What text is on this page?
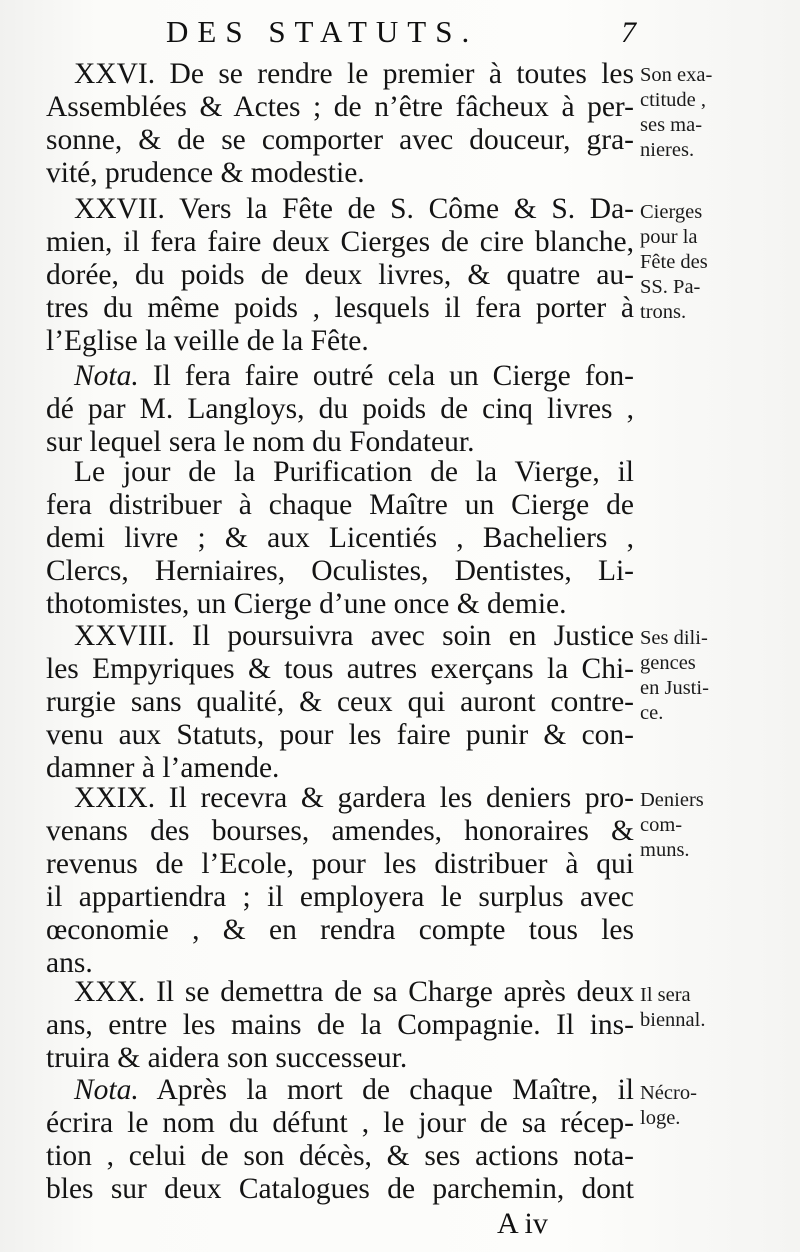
DES STATUTS.	7
XXVI. De se rendre le premier à toutes les
Assemblées & Actes ; de n’être fâcheux à per-
sonne, & de se comporter avec douceur, gra-
vité, prudence & modestie.
Son exa-
ctitude ,
ses ma-
nieres.
XXVII. Vers la Fête de S. Côme & S. Da-
mien, il fera faire deux Cierges de cire blanche,
dorée, du poids de deux livres, & quatre au-
tres du même poids , lesquels il fera porter à
l’Eglise la veille de la Fête.
Cierges
pour la
Fête des
SS. Pa-
trons.
Nota. Il fera faire outré cela un Cierge fon-
dé par M. Langloys, du poids de cinq livres ,
sur lequel sera le nom du Fondateur.
Le jour de la Purification de la Vierge, il
fera distribuer à chaque Maître un Cierge de
demi livre ; & aux Licentiés , Bacheliers ,
Clercs, Herniaires, Oculistes, Dentistes, Li-
thotomistes, un Cierge d’une once & demie.
XXVIII. Il poursuivra avec soin en Justice
les Empyriques & tous autres exerçans la Chi-
rurgie sans qualité, & ceux qui auront contre-
venu aux Statuts, pour les faire punir & con-
damner à l’amende.
Ses dili-
gences
en Justi-
ce.
XXIX. Il recevra & gardera les deniers pro-
venans des bourses, amendes, honoraires &
revenus de l’Ecole, pour les distribuer à qui
il appartiendra ; il employera le surplus avec
œconomie , & en rendra compte tous les
ans.
Deniers
com-
muns.
XXX. Il se demettra de sa Charge après deux
ans, entre les mains de la Compagnie. Il ins-
truira & aidera son successeur.
Il sera
biennal.
Nota. Après la mort de chaque Maître, il
écrira le nom du défunt , le jour de sa récep-
tion , celui de son décès, & ses actions nota-
bles sur deux Catalogues de parchemin, dont
Nécro-
loge.
A iv
